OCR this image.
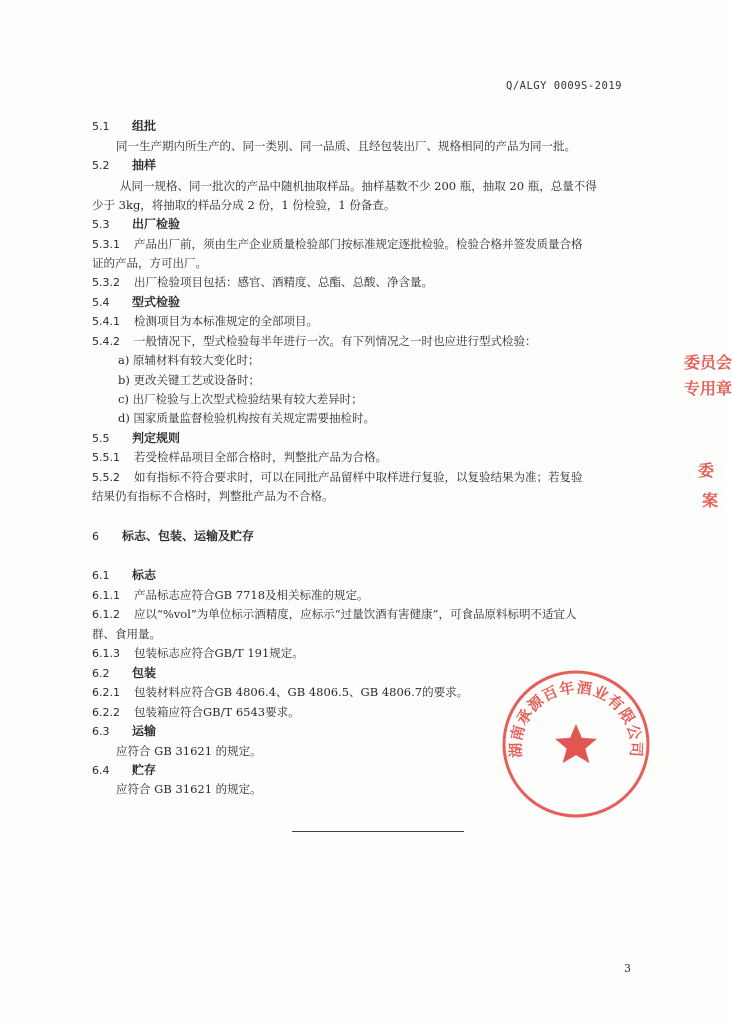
Q/ALGY 0009S-2019
5.1 组批
同一生产期内所生产的、同一类别、同一品质、且经包装出厂、规格相同的产品为同一批。
5.2 抽样
从同一规格、同一批次的产品中随机抽取样品。抽样基数不少 200 瓶，抽取 20 瓶，总量不得
少于 3kg，将抽取的样品分成 2 份，1 份检验，1 份备查。
5.3 出厂检验
5.3.1 产品出厂前，须由生产企业质量检验部门按标准规定逐批检验。检验合格并签发质量合格
证的产品，方可出厂。
5.3.2 出厂检验项目包括：感官、酒精度、总酯、总酸、净含量。
5.4 型式检验
5.4.1 检测项目为本标准规定的全部项目。
5.4.2 一般情况下，型式检验每半年进行一次。有下列情况之一时也应进行型式检验：
a) 原辅材料有较大变化时；
b) 更改关键工艺或设备时；
c) 出厂检验与上次型式检验结果有较大差异时；
d) 国家质量监督检验机构按有关规定需要抽检时。
5.5 判定规则
5.5.1 若受检样品项目全部合格时，判整批产品为合格。
5.5.2 如有指标不符合要求时，可以在同批产品留样中取样进行复验，以复验结果为准；若复验
结果仍有指标不合格时，判整批产品为不合格。
6 标志、包装、运输及贮存
6.1 标志
6.1.1 产品标志应符合GB 7718及相关标准的规定。
6.1.2 应以“%vol”为单位标示酒精度，应标示“过量饮酒有害健康”，可食品原料标明不适宜人
群、食用量。
6.1.3 包装标志应符合GB/T 191规定。
6.2 包装
6.2.1 包装材料应符合GB 4806.4、GB 4806.5、GB 4806.7的要求。
6.2.2 包装箱应符合GB/T 6543要求。
6.3 运输
应符合 GB 31621 的规定。
6.4 贮存
应符合 GB 31621 的规定。
湖南承源百年酒业有限公司
委员会
专用章
委
案
3
